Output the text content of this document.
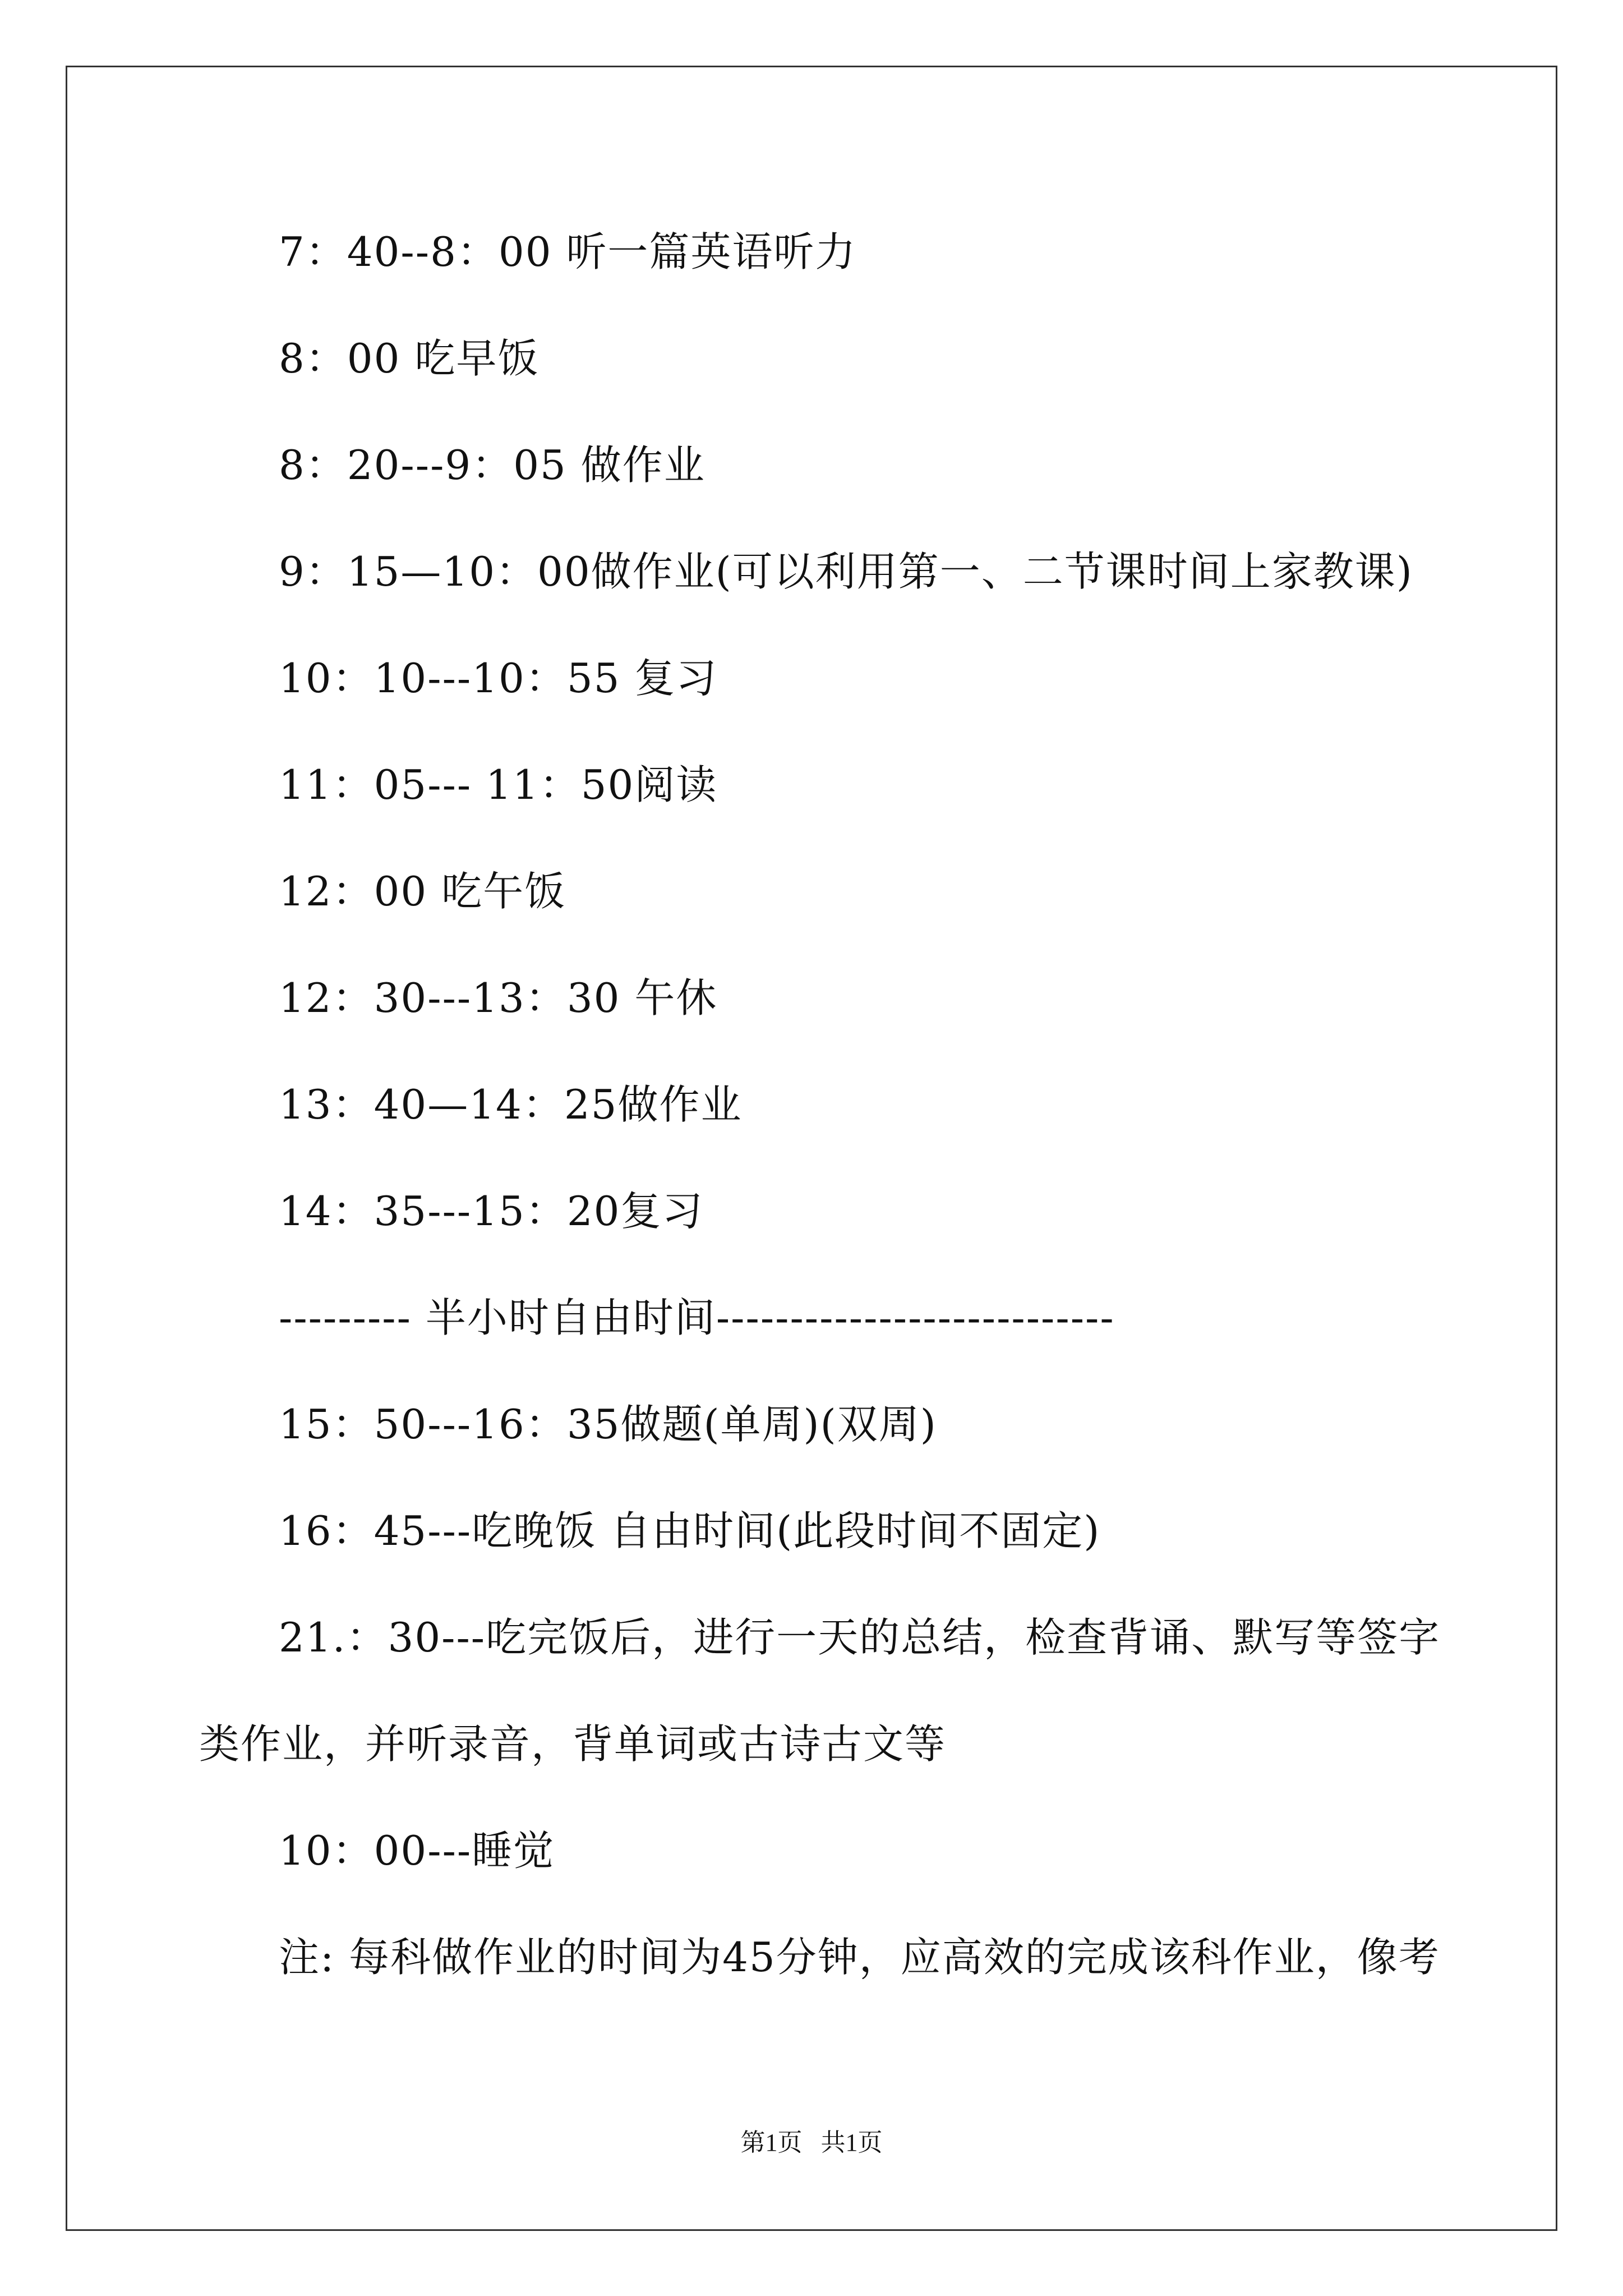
7：40--8：00 听一篇英语听力
8：00 吃早饭
8：20---9：05 做作业
9：15—10：00做作业(可以利用第一、二节课时间上家教课)
10：10---10：55 复习
11：05--- 11：50阅读
12：00 吃午饭
12：30---13：30 午休
13：40—14：25做作业
14：35---15：20复习
--------- 半小时自由时间---------------------------
15：50---16：35做题(单周)(双周)
16：45---吃晚饭 自由时间(此段时间不固定)
21.：30---吃完饭后，进行一天的总结，检查背诵、默写等签字
类作业，并听录音，背单词或古诗古文等
10：00---睡觉
注: 每科做作业的时间为45分钟，应高效的完成该科作业，像考
第1页   共1页
